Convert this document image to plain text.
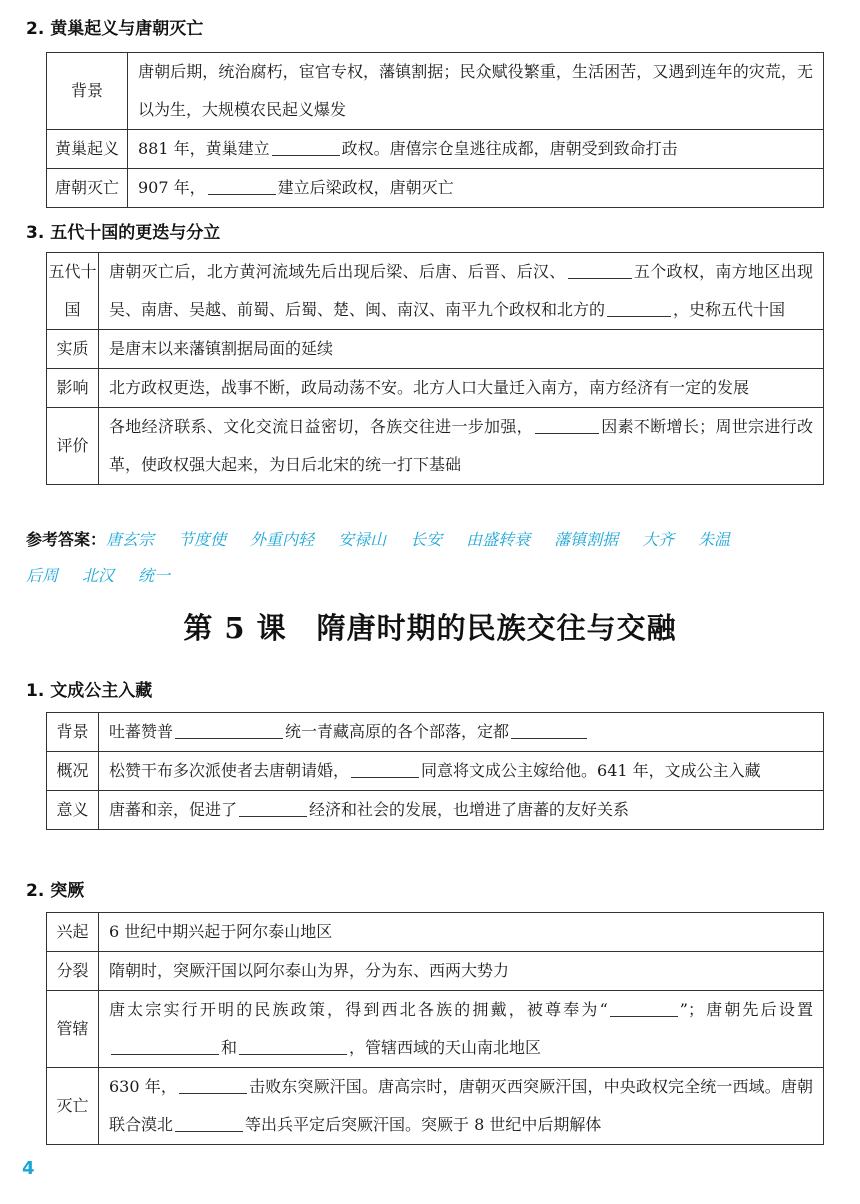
2. 黄巢起义与唐朝灭亡
背景	唐朝后期，统治腐朽，宦官专权，藩镇割据；民众赋役繁重，生活困苦，又遇到连年的灾荒，无以为生，大规模农民起义爆发
黄巢起义	881 年，黄巢建立 政权。唐僖宗仓皇逃往成都，唐朝受到致命打击
唐朝灭亡	907 年， 建立后梁政权，唐朝灭亡
3. 五代十国的更迭与分立
五代十国	唐朝灭亡后，北方黄河流域先后出现后梁、后唐、后晋、后汉、 五个政权，南方地区出现吴、南唐、吴越、前蜀、后蜀、楚、闽、南汉、南平九个政权和北方的 ，史称五代十国
实质	是唐末以来藩镇割据局面的延续
影响	北方政权更迭，战事不断，政局动荡不安。北方人口大量迁入南方，南方经济有一定的发展
评价	各地经济联系、文化交流日益密切，各族交往进一步加强， 因素不断增长；周世宗进行改革，使政权强大起来，为日后北宋的统一打下基础
参考答案：唐玄宗 节度使 外重内轻 安禄山 长安 由盛转衰 藩镇割据 大齐 朱温
后周 北汉 统一
第 5 课　隋唐时期的民族交往与交融
1. 文成公主入藏
背景	吐蕃赞普 统一青藏高原的各个部落，定都
概况	松赞干布多次派使者去唐朝请婚， 同意将文成公主嫁给他。641 年，文成公主入藏
意义	唐蕃和亲，促进了 经济和社会的发展，也增进了唐蕃的友好关系
2. 突厥
兴起	6 世纪中期兴起于阿尔泰山地区
分裂	隋朝时，突厥汗国以阿尔泰山为界，分为东、西两大势力
管辖	唐太宗实行开明的民族政策，得到西北各族的拥戴，被尊奉为“ ”；唐朝先后设置和 ，管辖西域的天山南北地区
灭亡	630 年， 击败东突厥汗国。唐高宗时，唐朝灭西突厥汗国，中央政权完全统一西域。唐朝联合漠北 等出兵平定后突厥汗国。突厥于 8 世纪中后期解体
4
